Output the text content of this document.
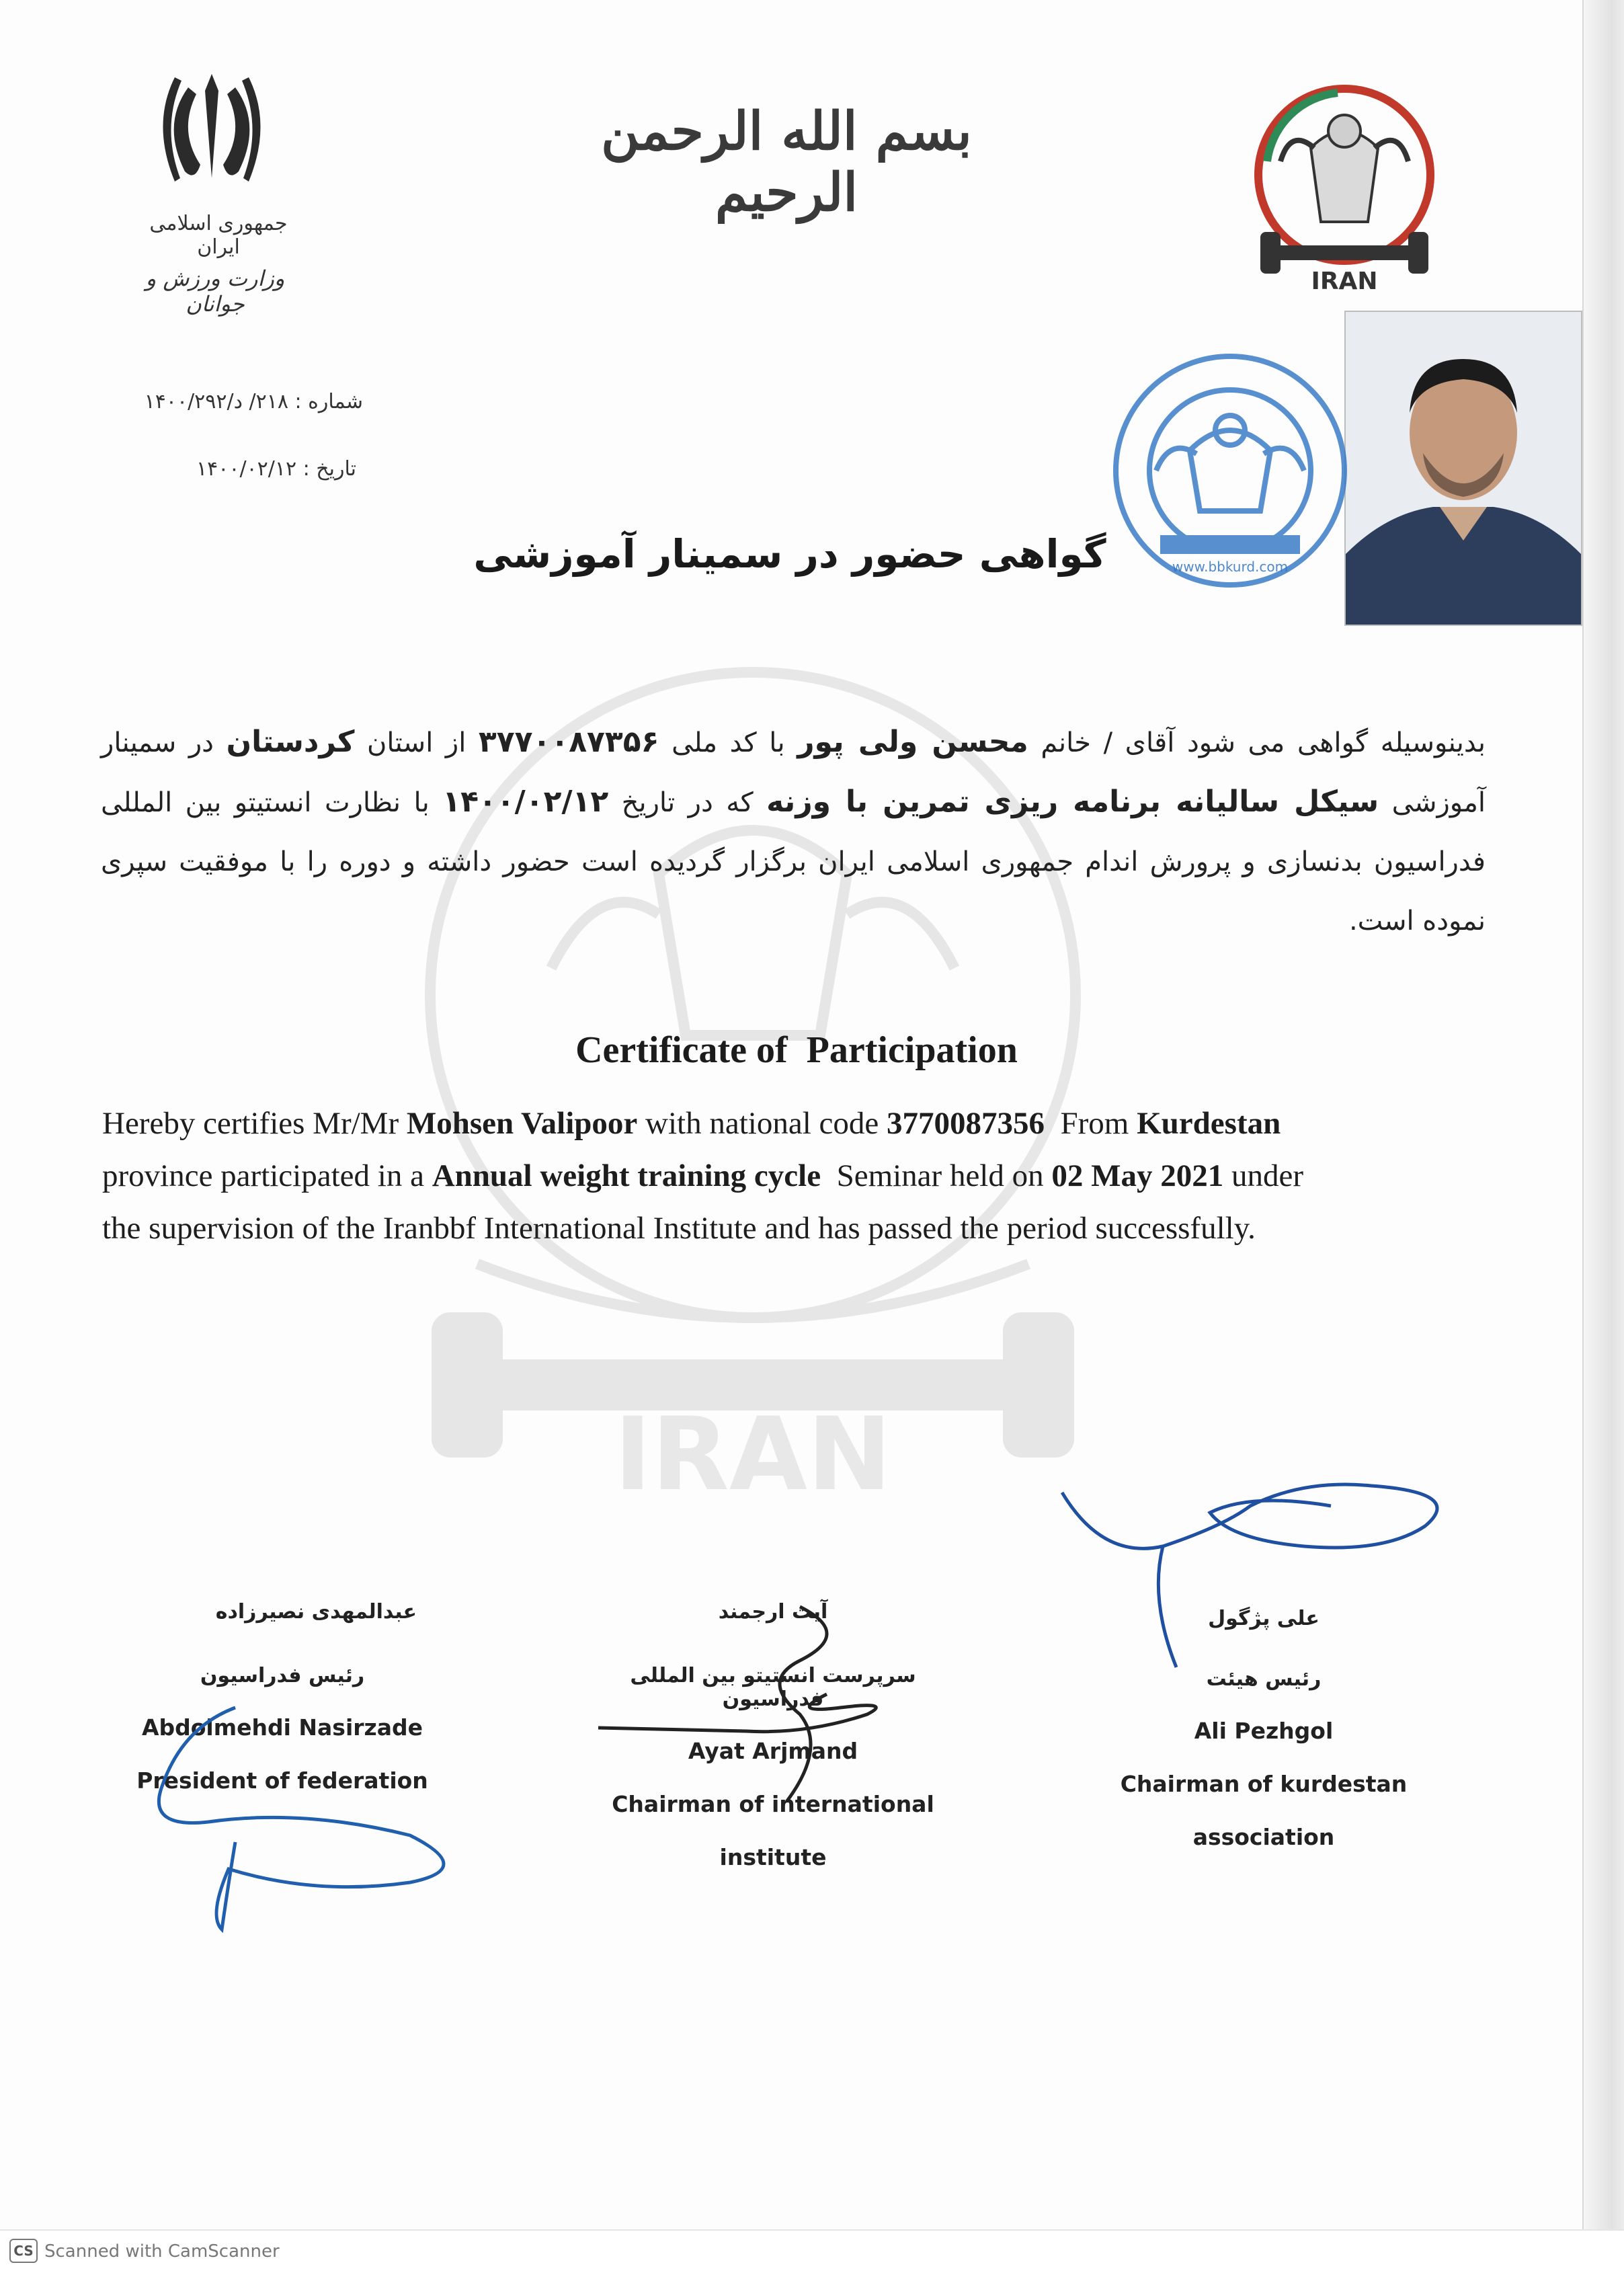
IRAN
جمهوری اسلامی ایران
وزارت ورزش و جوانان
بسم الله الرحمن الرحیم
IRAN
www.bbkurd.com
شماره : ۲۱۸/ د/۱۴۰۰/۲۹۲
تاریخ : ۱۴۰۰/۰۲/۱۲
گواهی حضور در سمینار آموزشی
بدینوسیله گواهی می شود آقای / خانم محسن ولی پور با کد ملی ۳۷۷۰۰۸۷۳۵۶ از استان کردستان در سمینار آموزشی سیکل سالیانه برنامه ریزی تمرین با وزنه که در تاریخ ۱۴۰۰/۰۲/۱۲ با نظارت انستیتو بین المللی فدراسیون بدنسازی و پرورش اندام جمهوری اسلامی ایران برگزار گردیده است حضور داشته و دوره را با موفقیت سپری نموده است.
Certificate of  Participation
Hereby certifies Mr/Mr Mohsen Valipoor with national code 3770087356  From Kurdestan
province participated in a Annual weight training cycle  Seminar held on 02 May 2021 under
the supervision of the Iranbbf International Institute and has passed the period successfully.
عبدالمهدی نصیرزاده
رئیس فدراسیون
Abdolmehdi Nasirzade
President of federation
آیت ارجمند
سرپرست انستیتو بین المللی فدراسیون
Ayat Arjmand
Chairman of international
institute
علی پژگول
رئیس هیئت
Ali Pezhgol
Chairman of kurdestan
association
CS Scanned with CamScanner
